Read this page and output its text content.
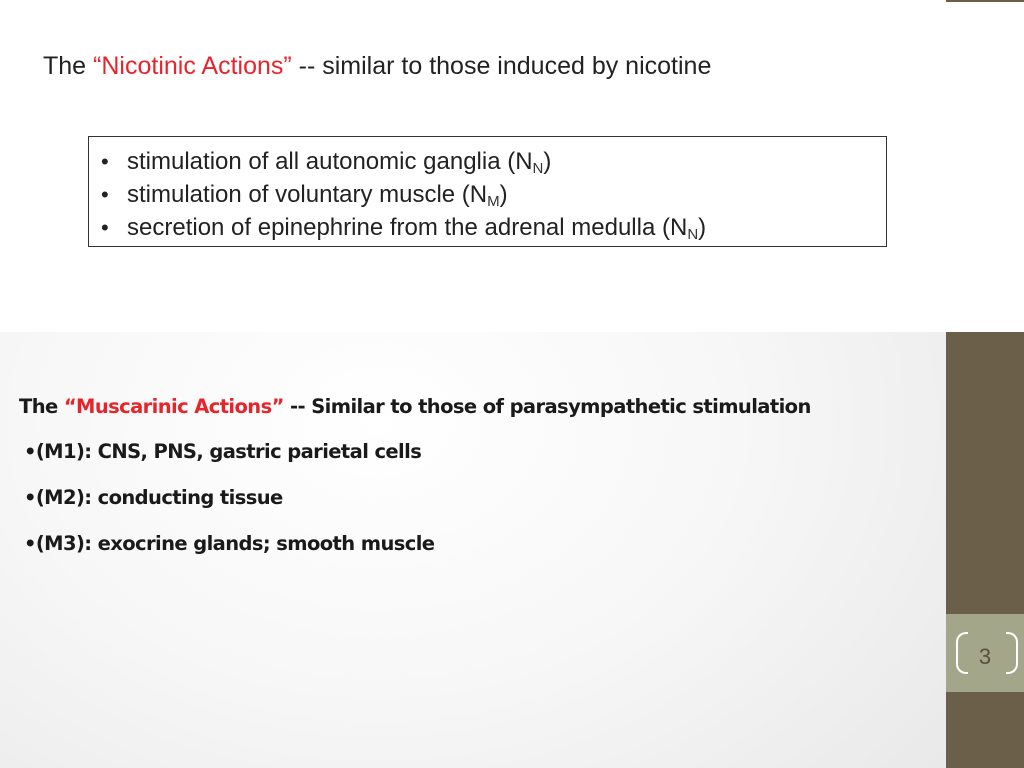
The “Nicotinic Actions” -- similar to those induced by nicotine
• stimulation of all autonomic ganglia $(N_N)$
• stimulation of voluntary muscle $(N_M)$
• secretion of epinephrine from the adrenal medulla $(N_N)$
The “Muscarinic Actions” -- Similar to those of parasympathetic stimulation
•(M1): CNS, PNS, gastric parietal cells
•(M2): conducting tissue
•(M3): exocrine glands; smooth muscle
3
